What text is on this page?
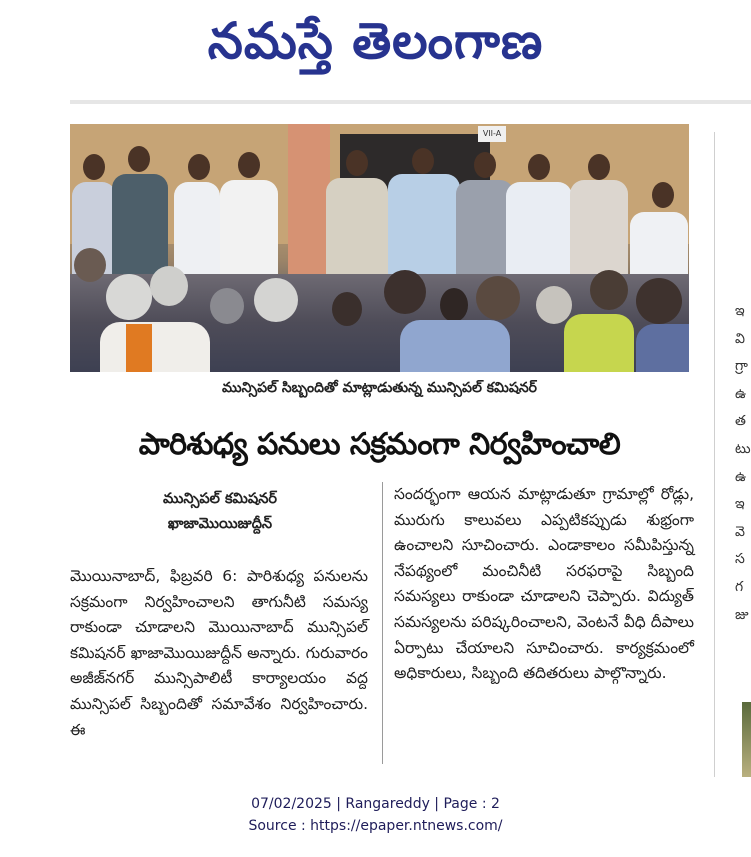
నమస్తే తెలంగాణ
VII-A
మున్సిపల్ సిబ్బందితో మాట్లాడుతున్న మున్సిపల్ కమిషనర్
పారిశుధ్య పనులు సక్రమంగా నిర్వహించాలి
మున్సిపల్ కమిషనర్
ఖాజామొయిజుద్దీన్

మొయినాబాద్, ఫిబ్రవరి 6: పారిశుధ్య పనులను సక్రమంగా నిర్వహించాలని తాగునీటి సమస్య రాకుండా చూడాలని మొయినాబాద్ మున్సిపల్ కమిషనర్ ఖాజామొయిజుద్దీన్ అన్నారు. గురువారం అజీజ్‌నగర్ మున్సిపాలిటీ కార్యాలయం వద్ద మున్సిపల్ సిబ్బందితో సమావేశం నిర్వహించారు. ఈ

సందర్భంగా ఆయన మాట్లాడుతూ గ్రామాల్లో రోడ్లు, మురుగు కాలువలు ఎప్పటికప్పుడు శుభ్రంగా ఉంచాలని సూచించారు. ఎండాకాలం సమీపిస్తున్న నేపథ్యంలో మంచినీటి సరఫరాపై సిబ్బంది సమస్యలు రాకుండా చూడాలని చెప్పారు. విద్యుత్ సమస్యలను పరిష్కరించాలని, వెంటనే వీధి దీపాలు ఏర్పాటు చేయాలని సూచించారు. కార్యక్రమంలో అధికారులు, సిబ్బంది తదితరులు పాల్గొన్నారు.

ఇ
వి
గ్రా
ఉ
త
టు
ఉ
ఇ
వె
స
గ
జు
07/02/2025 | Rangareddy | Page : 2
Source : https://epaper.ntnews.com/
